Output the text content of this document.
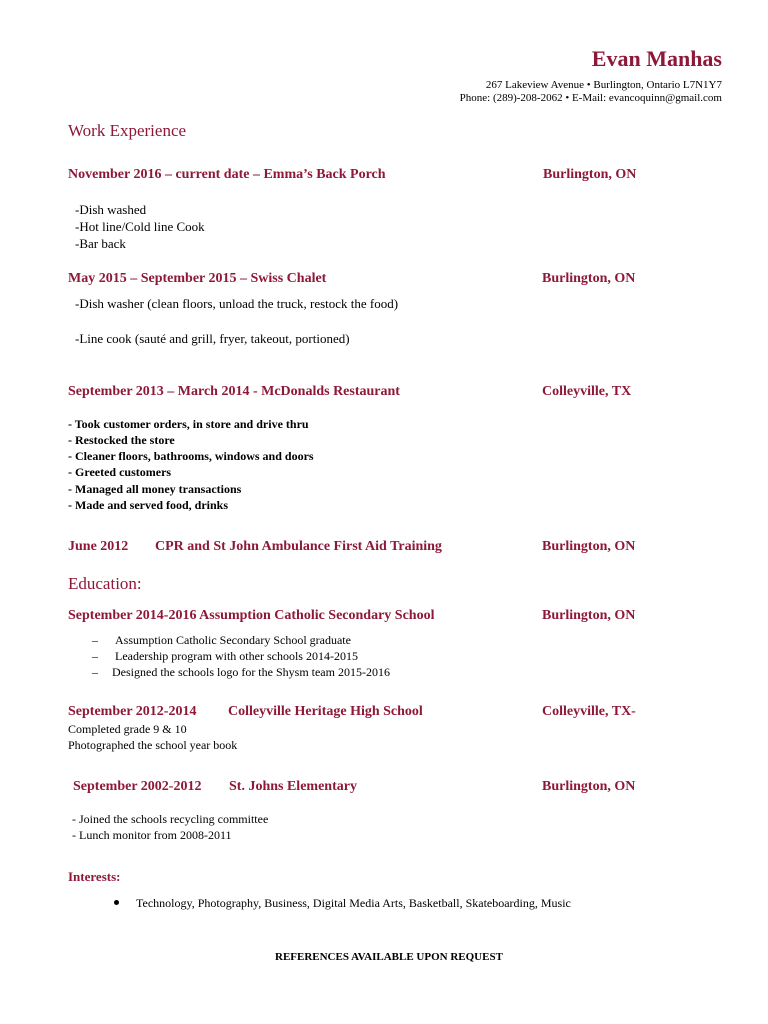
Evan Manhas
267 Lakeview Avenue • Burlington, Ontario L7N1Y7
Phone: (289)-208-2062 • E-Mail: evancoquinn@gmail.com
Work Experience
November 2016 – current date – Emma’s Back Porch	Burlington, ON
-Dish washed
-Hot line/Cold line Cook
-Bar back
May 2015 – September 2015 – Swiss Chalet	Burlington, ON
-Dish washer (clean floors, unload the truck, restock the food)
-Line cook (sauté and grill, fryer, takeout, portioned)
September 2013 – March 2014 - McDonalds Restaurant	Colleyville, TX
- Took customer orders, in store and drive thru
- Restocked the store
- Cleaner floors, bathrooms, windows and doors
- Greeted customers
- Managed all money transactions
- Made and served food, drinks
June 2012 CPR and St John Ambulance First Aid Training	Burlington, ON
Education:
September 2014-2016 Assumption Catholic Secondary School	Burlington, ON
– Assumption Catholic Secondary School graduate
– Leadership program with other schools 2014-2015
– Designed the schools logo for the Shysm team 2015-2016
September 2012-2014 Colleyville Heritage High School	Colleyville, TX-
Completed grade 9 & 10
Photographed the school year book
September 2002-2012 St. Johns Elementary	Burlington, ON
- Joined the schools recycling committee
- Lunch monitor from 2008-2011
Interests:
Technology, Photography, Business, Digital Media Arts, Basketball, Skateboarding, Music
REFERENCES AVAILABLE UPON REQUEST
